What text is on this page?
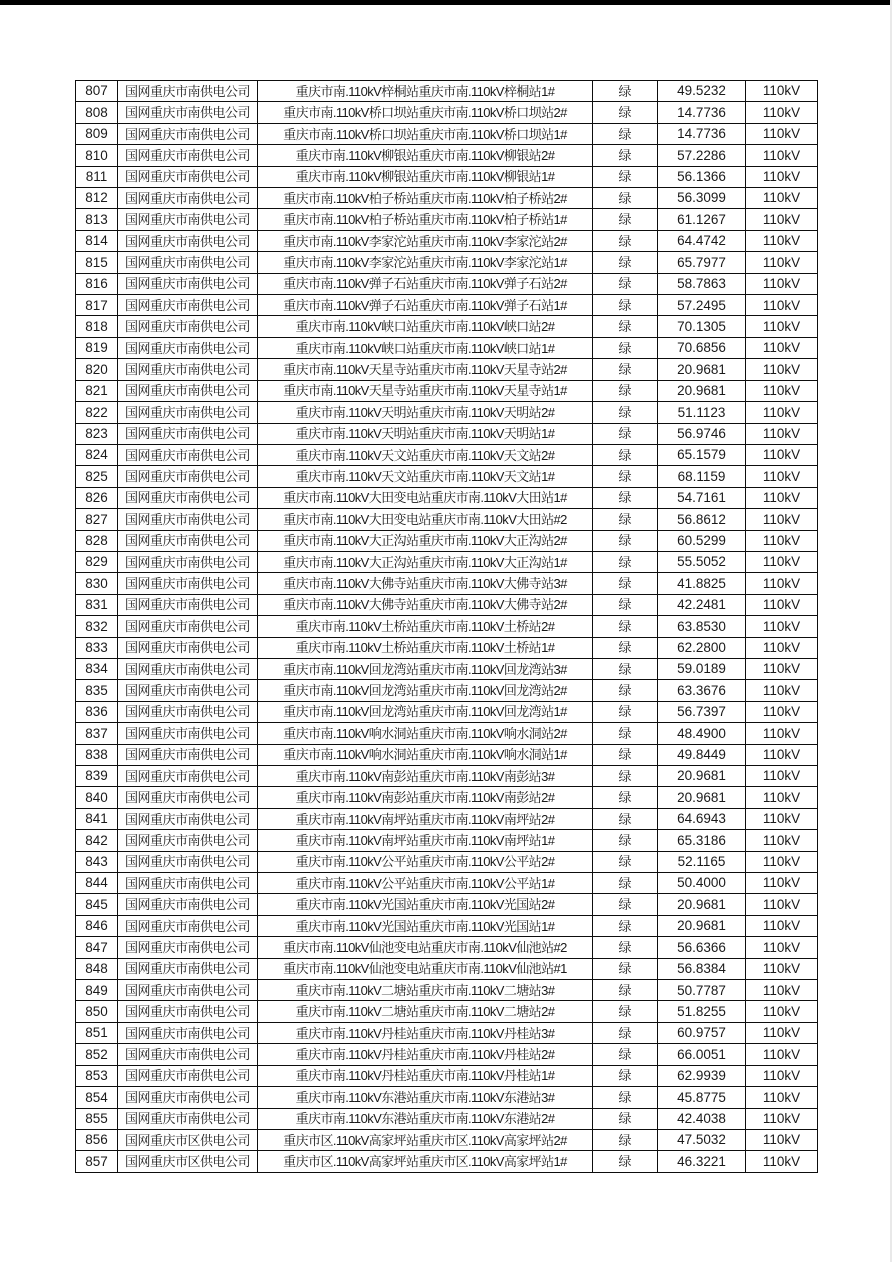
807	国网重庆市南供电公司	重庆市南.110kV梓桐站重庆市南.110kV梓桐站1#	绿	49.5232	110kV
808	国网重庆市南供电公司	重庆市南.110kV桥口坝站重庆市南.110kV桥口坝站2#	绿	14.7736	110kV
809	国网重庆市南供电公司	重庆市南.110kV桥口坝站重庆市南.110kV桥口坝站1#	绿	14.7736	110kV
810	国网重庆市南供电公司	重庆市南.110kV柳银站重庆市南.110kV柳银站2#	绿	57.2286	110kV
811	国网重庆市南供电公司	重庆市南.110kV柳银站重庆市南.110kV柳银站1#	绿	56.1366	110kV
812	国网重庆市南供电公司	重庆市南.110kV柏子桥站重庆市南.110kV柏子桥站2#	绿	56.3099	110kV
813	国网重庆市南供电公司	重庆市南.110kV柏子桥站重庆市南.110kV柏子桥站1#	绿	61.1267	110kV
814	国网重庆市南供电公司	重庆市南.110kV李家沱站重庆市南.110kV李家沱站2#	绿	64.4742	110kV
815	国网重庆市南供电公司	重庆市南.110kV李家沱站重庆市南.110kV李家沱站1#	绿	65.7977	110kV
816	国网重庆市南供电公司	重庆市南.110kV弹子石站重庆市南.110kV弹子石站2#	绿	58.7863	110kV
817	国网重庆市南供电公司	重庆市南.110kV弹子石站重庆市南.110kV弹子石站1#	绿	57.2495	110kV
818	国网重庆市南供电公司	重庆市南.110kV峡口站重庆市南.110kV峡口站2#	绿	70.1305	110kV
819	国网重庆市南供电公司	重庆市南.110kV峡口站重庆市南.110kV峡口站1#	绿	70.6856	110kV
820	国网重庆市南供电公司	重庆市南.110kV天星寺站重庆市南.110kV天星寺站2#	绿	20.9681	110kV
821	国网重庆市南供电公司	重庆市南.110kV天星寺站重庆市南.110kV天星寺站1#	绿	20.9681	110kV
822	国网重庆市南供电公司	重庆市南.110kV天明站重庆市南.110kV天明站2#	绿	51.1123	110kV
823	国网重庆市南供电公司	重庆市南.110kV天明站重庆市南.110kV天明站1#	绿	56.9746	110kV
824	国网重庆市南供电公司	重庆市南.110kV天文站重庆市南.110kV天文站2#	绿	65.1579	110kV
825	国网重庆市南供电公司	重庆市南.110kV天文站重庆市南.110kV天文站1#	绿	68.1159	110kV
826	国网重庆市南供电公司	重庆市南.110kV大田变电站重庆市南.110kV大田站1#	绿	54.7161	110kV
827	国网重庆市南供电公司	重庆市南.110kV大田变电站重庆市南.110kV大田站#2	绿	56.8612	110kV
828	国网重庆市南供电公司	重庆市南.110kV大正沟站重庆市南.110kV大正沟站2#	绿	60.5299	110kV
829	国网重庆市南供电公司	重庆市南.110kV大正沟站重庆市南.110kV大正沟站1#	绿	55.5052	110kV
830	国网重庆市南供电公司	重庆市南.110kV大佛寺站重庆市南.110kV大佛寺站3#	绿	41.8825	110kV
831	国网重庆市南供电公司	重庆市南.110kV大佛寺站重庆市南.110kV大佛寺站2#	绿	42.2481	110kV
832	国网重庆市南供电公司	重庆市南.110kV土桥站重庆市南.110kV土桥站2#	绿	63.8530	110kV
833	国网重庆市南供电公司	重庆市南.110kV土桥站重庆市南.110kV土桥站1#	绿	62.2800	110kV
834	国网重庆市南供电公司	重庆市南.110kV回龙湾站重庆市南.110kV回龙湾站3#	绿	59.0189	110kV
835	国网重庆市南供电公司	重庆市南.110kV回龙湾站重庆市南.110kV回龙湾站2#	绿	63.3676	110kV
836	国网重庆市南供电公司	重庆市南.110kV回龙湾站重庆市南.110kV回龙湾站1#	绿	56.7397	110kV
837	国网重庆市南供电公司	重庆市南.110kV响水洞站重庆市南.110kV响水洞站2#	绿	48.4900	110kV
838	国网重庆市南供电公司	重庆市南.110kV响水洞站重庆市南.110kV响水洞站1#	绿	49.8449	110kV
839	国网重庆市南供电公司	重庆市南.110kV南彭站重庆市南.110kV南彭站3#	绿	20.9681	110kV
840	国网重庆市南供电公司	重庆市南.110kV南彭站重庆市南.110kV南彭站2#	绿	20.9681	110kV
841	国网重庆市南供电公司	重庆市南.110kV南坪站重庆市南.110kV南坪站2#	绿	64.6943	110kV
842	国网重庆市南供电公司	重庆市南.110kV南坪站重庆市南.110kV南坪站1#	绿	65.3186	110kV
843	国网重庆市南供电公司	重庆市南.110kV公平站重庆市南.110kV公平站2#	绿	52.1165	110kV
844	国网重庆市南供电公司	重庆市南.110kV公平站重庆市南.110kV公平站1#	绿	50.4000	110kV
845	国网重庆市南供电公司	重庆市南.110kV光国站重庆市南.110kV光国站2#	绿	20.9681	110kV
846	国网重庆市南供电公司	重庆市南.110kV光国站重庆市南.110kV光国站1#	绿	20.9681	110kV
847	国网重庆市南供电公司	重庆市南.110kV仙池变电站重庆市南.110kV仙池站#2	绿	56.6366	110kV
848	国网重庆市南供电公司	重庆市南.110kV仙池变电站重庆市南.110kV仙池站#1	绿	56.8384	110kV
849	国网重庆市南供电公司	重庆市南.110kV二塘站重庆市南.110kV二塘站3#	绿	50.7787	110kV
850	国网重庆市南供电公司	重庆市南.110kV二塘站重庆市南.110kV二塘站2#	绿	51.8255	110kV
851	国网重庆市南供电公司	重庆市南.110kV丹桂站重庆市南.110kV丹桂站3#	绿	60.9757	110kV
852	国网重庆市南供电公司	重庆市南.110kV丹桂站重庆市南.110kV丹桂站2#	绿	66.0051	110kV
853	国网重庆市南供电公司	重庆市南.110kV丹桂站重庆市南.110kV丹桂站1#	绿	62.9939	110kV
854	国网重庆市南供电公司	重庆市南.110kV东港站重庆市南.110kV东港站3#	绿	45.8775	110kV
855	国网重庆市南供电公司	重庆市南.110kV东港站重庆市南.110kV东港站2#	绿	42.4038	110kV
856	国网重庆市区供电公司	重庆市区.110kV高家坪站重庆市区.110kV高家坪站2#	绿	47.5032	110kV
857	国网重庆市区供电公司	重庆市区.110kV高家坪站重庆市区.110kV高家坪站1#	绿	46.3221	110kV
